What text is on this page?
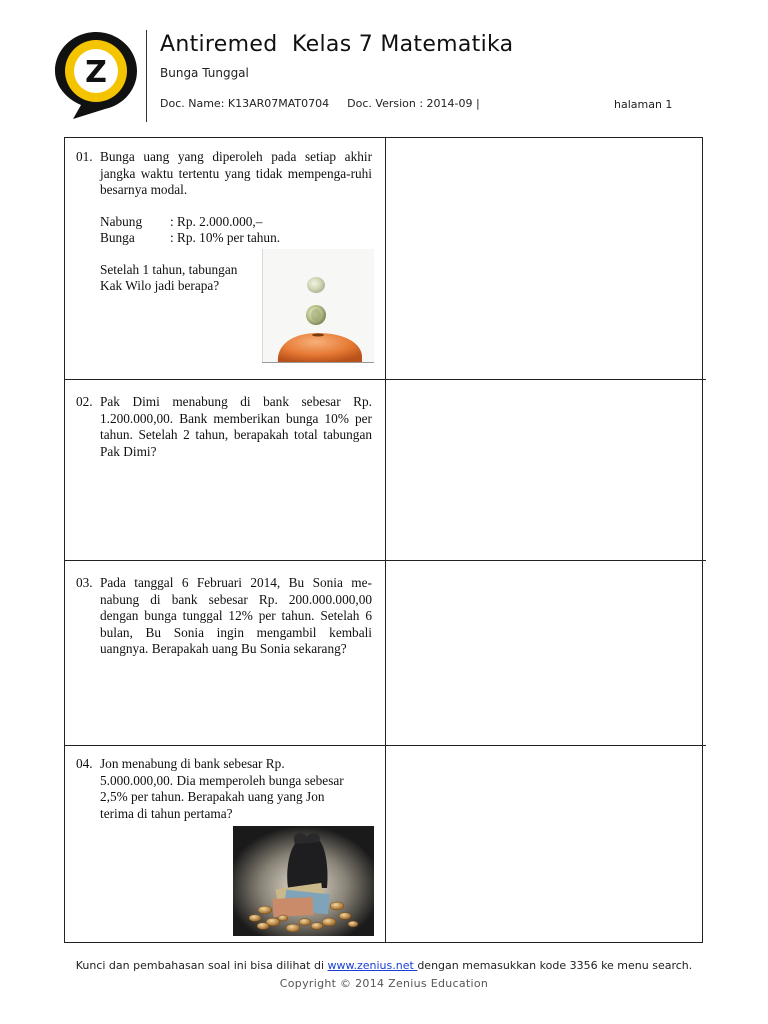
Z
Antiremed  Kelas 7 Matematika
Bunga Tunggal
Doc. Name: K13AR07MAT0704 Doc. Version : 2014-09 |	halaman 1
01. Bunga uang yang diperoleh pada setiap akhir jangka waktu tertentu yang tidak mempenga-ruhi besarnya modal.
Nabung	: Rp. 2.000.000,–
Bunga	: Rp. 10% per tahun.
Setelah 1 tahun, tabungan Kak Wilo jadi berapa?
02. Pak Dimi menabung di bank sebesar Rp. 1.200.000,00. Bank memberikan bunga 10% per tahun. Setelah 2 tahun, berapakah total tabungan Pak Dimi?
03. Pada tanggal 6 Februari 2014, Bu Sonia me-nabung di bank sebesar Rp. 200.000.000,00 dengan bunga tunggal 12% per tahun. Setelah 6 bulan, Bu Sonia ingin mengambil kembali uangnya. Berapakah uang Bu Sonia sekarang?
04. Jon menabung di bank sebesar Rp. 5.000.000,00. Dia memperoleh bunga sebesar 2,5% per tahun. Berapakah uang yang Jon terima di tahun pertama?
Kunci dan pembahasan soal ini bisa dilihat di www.zenius.net dengan memasukkan kode 3356 ke menu search.
Copyright © 2014 Zenius Education
